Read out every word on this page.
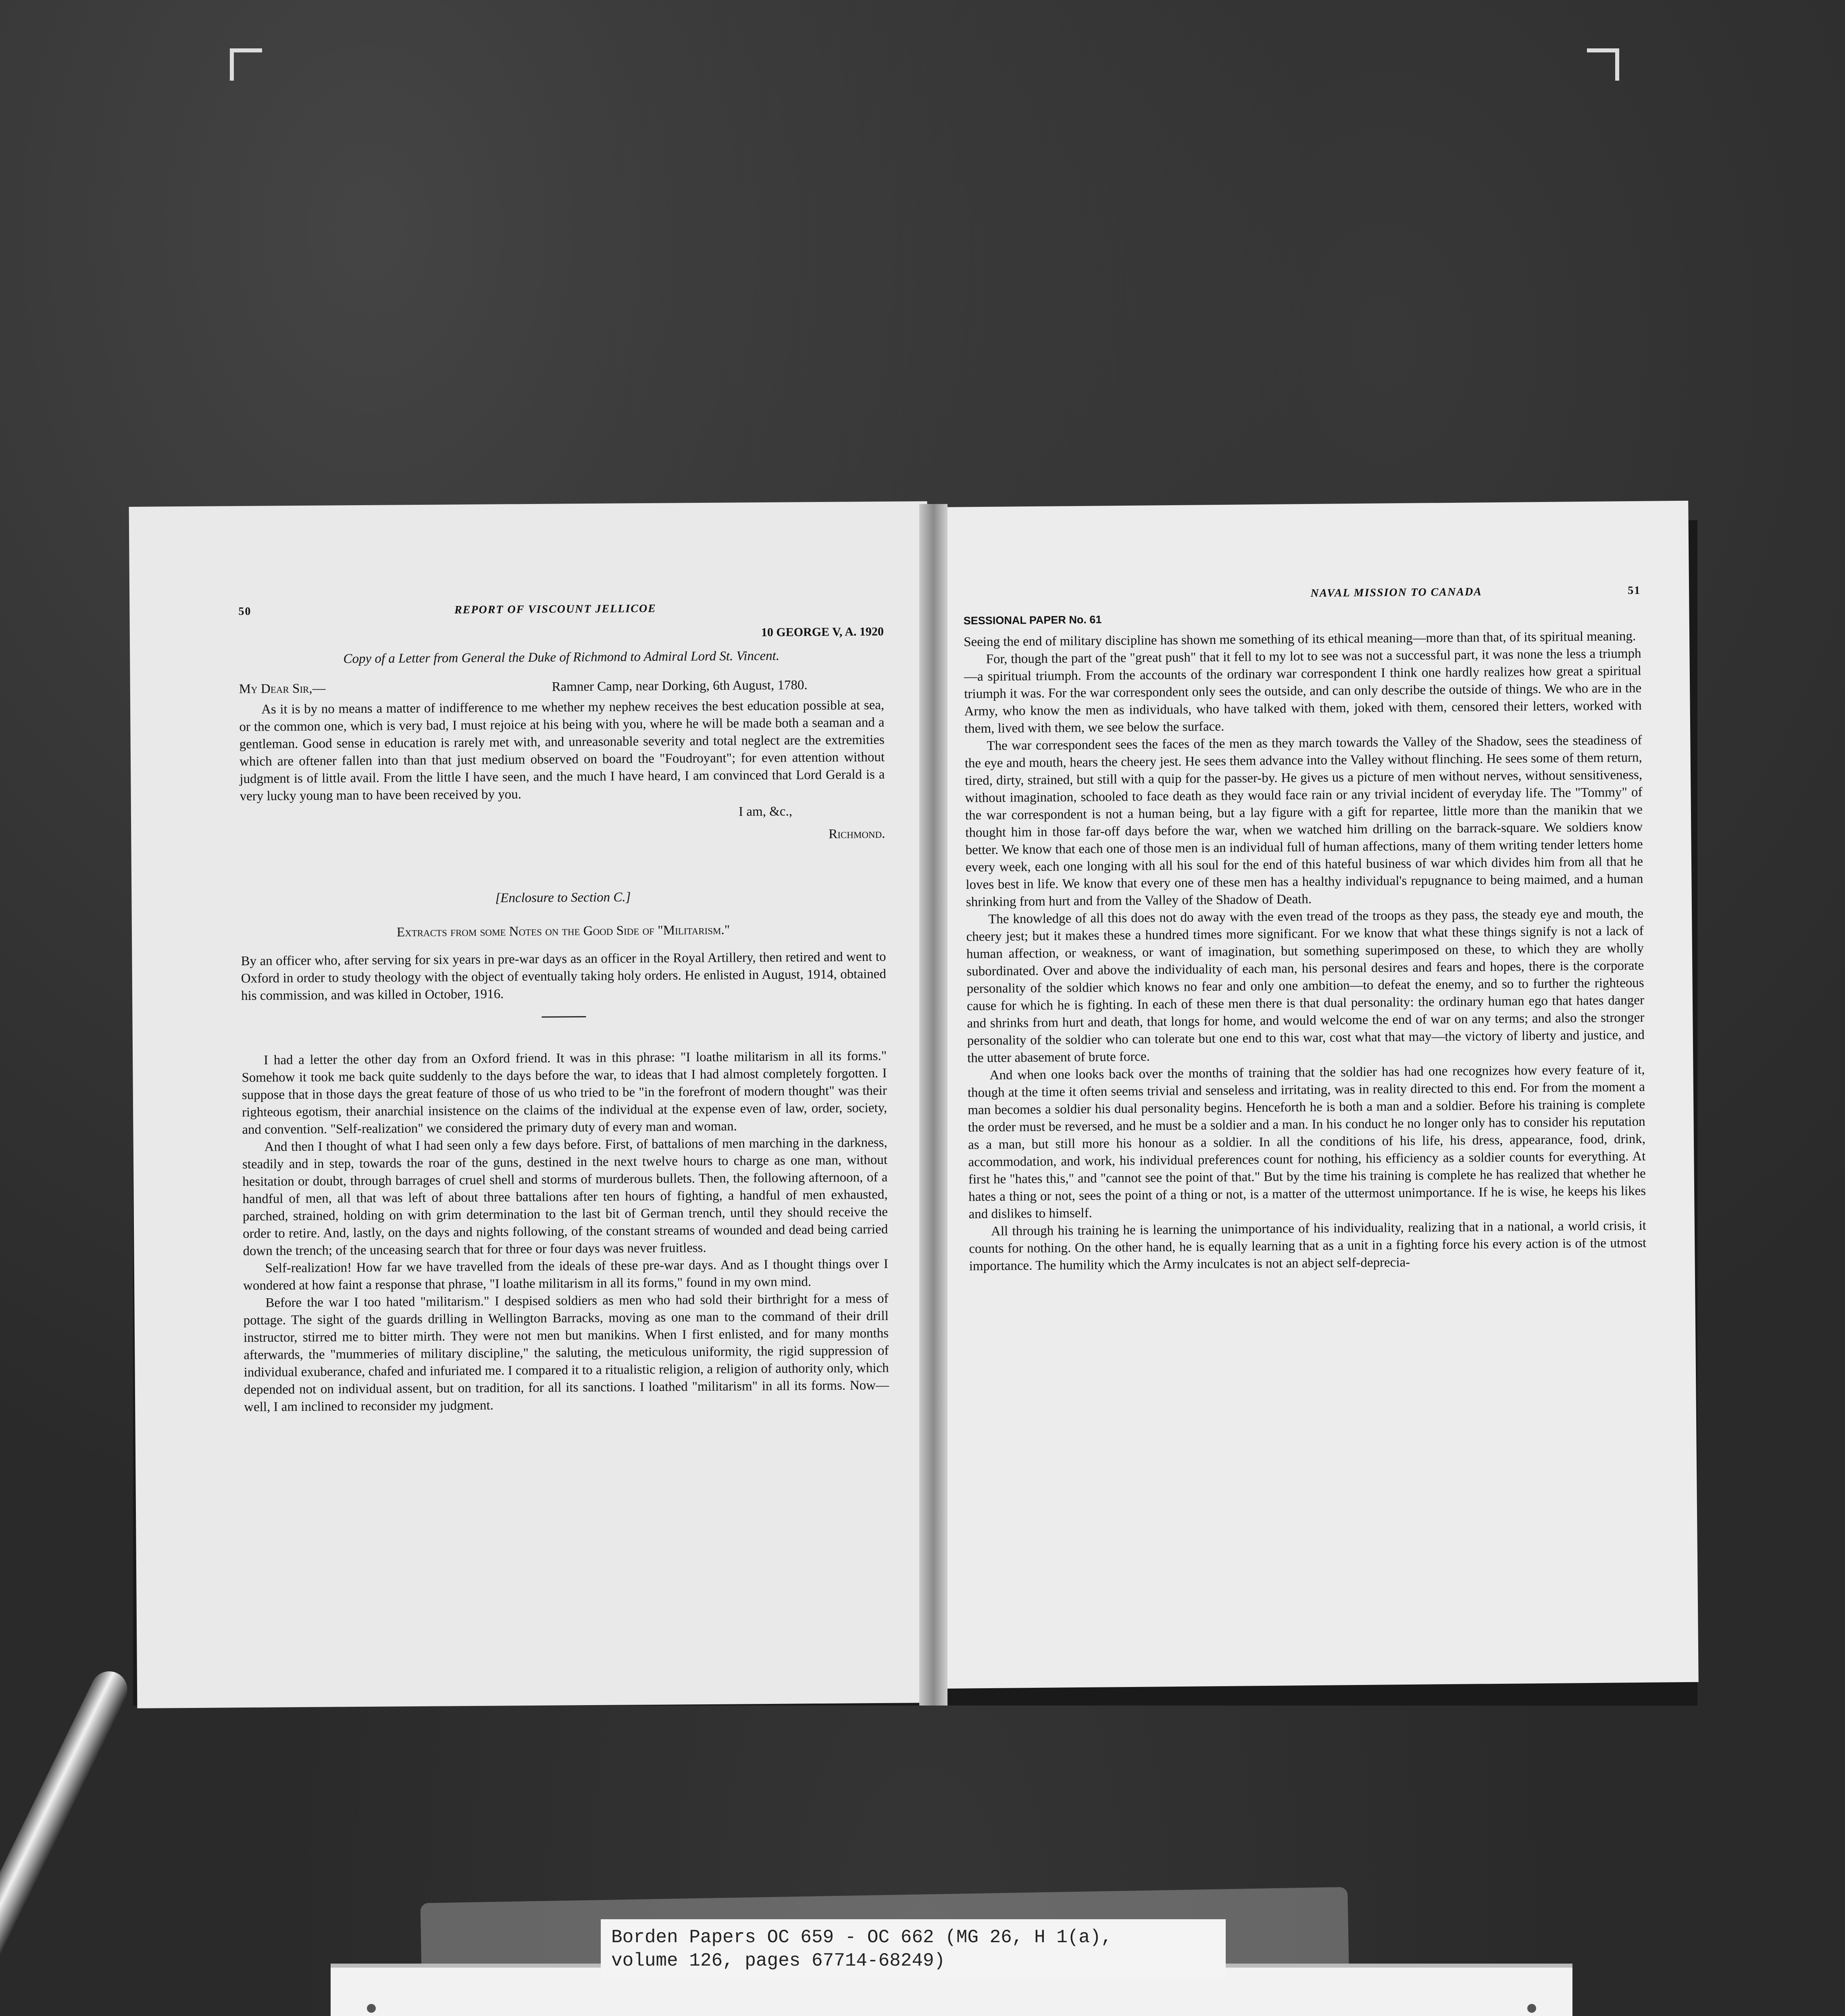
50	REPORT OF VISCOUNT JELLICOE
10 GEORGE V, A. 1920
Copy of a Letter from General the Duke of Richmond to Admiral Lord St. Vincent.
My Dear Sir,—	Ramner Camp, near Dorking, 6th August, 1780.

As it is by no means a matter of indifference to me whether my nephew receives the best education possible at sea, or the common one, which is very bad, I must rejoice at his being with you, where he will be made both a seaman and a gentleman. Good sense in education is rarely met with, and unreasonable severity and total neglect are the extremities which are oftener fallen into than that just medium observed on board the "Foudroyant"; for even attention without judgment is of little avail. From the little I have seen, and the much I have heard, I am convinced that Lord Gerald is a very lucky young man to have been received by you.

I am, &c.,
Richmond.
[Enclosure to Section C.]
Extracts from some Notes on the Good Side of "Militarism."

By an officer who, after serving for six years in pre-war days as an officer in the Royal Artillery, then retired and went to Oxford in order to study theology with the object of eventually taking holy orders. He enlisted in August, 1914, obtained his commission, and was killed in October, 1916.

I had a letter the other day from an Oxford friend. It was in this phrase: "I loathe militarism in all its forms." Somehow it took me back quite suddenly to the days before the war, to ideas that I had almost completely forgotten. I suppose that in those days the great feature of those of us who tried to be "in the forefront of modern thought" was their righteous egotism, their anarchial insistence on the claims of the individual at the expense even of law, order, society, and convention. "Self-realization" we considered the primary duty of every man and woman.

And then I thought of what I had seen only a few days before. First, of battalions of men marching in the darkness, steadily and in step, towards the roar of the guns, destined in the next twelve hours to charge as one man, without hesitation or doubt, through barrages of cruel shell and storms of murderous bullets. Then, the following afternoon, of a handful of men, all that was left of about three battalions after ten hours of fighting, a handful of men exhausted, parched, strained, holding on with grim determination to the last bit of German trench, until they should receive the order to retire. And, lastly, on the days and nights following, of the constant streams of wounded and dead being carried down the trench; of the unceasing search that for three or four days was never fruitless.

Self-realization! How far we have travelled from the ideals of these pre-war days. And as I thought things over I wondered at how faint a response that phrase, "I loathe militarism in all its forms," found in my own mind.

Before the war I too hated "militarism." I despised soldiers as men who had sold their birthright for a mess of pottage. The sight of the guards drilling in Wellington Barracks, moving as one man to the command of their drill instructor, stirred me to bitter mirth. They were not men but manikins. When I first enlisted, and for many months afterwards, the "mummeries of military discipline," the saluting, the meticulous uniformity, the rigid suppression of individual exuberance, chafed and infuriated me. I compared it to a ritualistic religion, a religion of authority only, which depended not on individual assent, but on tradition, for all its sanctions. I loathed "militarism" in all its forms. Now—well, I am inclined to reconsider my judgment.

NAVAL MISSION TO CANADA	51
SESSIONAL PAPER No. 61

Seeing the end of military discipline has shown me something of its ethical meaning—more than that, of its spiritual meaning.

For, though the part of the "great push" that it fell to my lot to see was not a successful part, it was none the less a triumph—a spiritual triumph. From the accounts of the ordinary war correspondent I think one hardly realizes how great a spiritual triumph it was. For the war correspondent only sees the outside, and can only describe the outside of things. We who are in the Army, who know the men as individuals, who have talked with them, joked with them, censored their letters, worked with them, lived with them, we see below the surface.

The war correspondent sees the faces of the men as they march towards the Valley of the Shadow, sees the steadiness of the eye and mouth, hears the cheery jest. He sees them advance into the Valley without flinching. He sees some of them return, tired, dirty, strained, but still with a quip for the passer-by. He gives us a picture of men without nerves, without sensitiveness, without imagination, schooled to face death as they would face rain or any trivial incident of everyday life. The "Tommy" of the war correspondent is not a human being, but a lay figure with a gift for repartee, little more than the manikin that we thought him in those far-off days before the war, when we watched him drilling on the barrack-square. We soldiers know better. We know that each one of those men is an individual full of human affections, many of them writing tender letters home every week, each one longing with all his soul for the end of this hateful business of war which divides him from all that he loves best in life. We know that every one of these men has a healthy individual's repugnance to being maimed, and a human shrinking from hurt and from the Valley of the Shadow of Death.

The knowledge of all this does not do away with the even tread of the troops as they pass, the steady eye and mouth, the cheery jest; but it makes these a hundred times more significant. For we know that what these things signify is not a lack of human affection, or weakness, or want of imagination, but something superimposed on these, to which they are wholly subordinated. Over and above the individuality of each man, his personal desires and fears and hopes, there is the corporate personality of the soldier which knows no fear and only one ambition—to defeat the enemy, and so to further the righteous cause for which he is fighting. In each of these men there is that dual personality: the ordinary human ego that hates danger and shrinks from hurt and death, that longs for home, and would welcome the end of war on any terms; and also the stronger personality of the soldier who can tolerate but one end to this war, cost what that may—the victory of liberty and justice, and the utter abasement of brute force.

And when one looks back over the months of training that the soldier has had one recognizes how every feature of it, though at the time it often seems trivial and senseless and irritating, was in reality directed to this end. For from the moment a man becomes a soldier his dual personality begins. Henceforth he is both a man and a soldier. Before his training is complete the order must be reversed, and he must be a soldier and a man. In his conduct he no longer only has to consider his reputation as a man, but still more his honour as a soldier. In all the conditions of his life, his dress, appearance, food, drink, accommodation, and work, his individual preferences count for nothing, his efficiency as a soldier counts for everything. At first he "hates this," and "cannot see the point of that." But by the time his training is complete he has realized that whether he hates a thing or not, sees the point of a thing or not, is a matter of the uttermost unimportance. If he is wise, he keeps his likes and dislikes to himself.

All through his training he is learning the unimportance of his individuality, realizing that in a national, a world crisis, it counts for nothing. On the other hand, he is equally learning that as a unit in a fighting force his every action is of the utmost importance. The humility which the Army inculcates is not an abject self-deprecia-

Borden Papers OC 659 - OC 662 (MG 26, H 1(a),
volume 126, pages 67714-68249)
